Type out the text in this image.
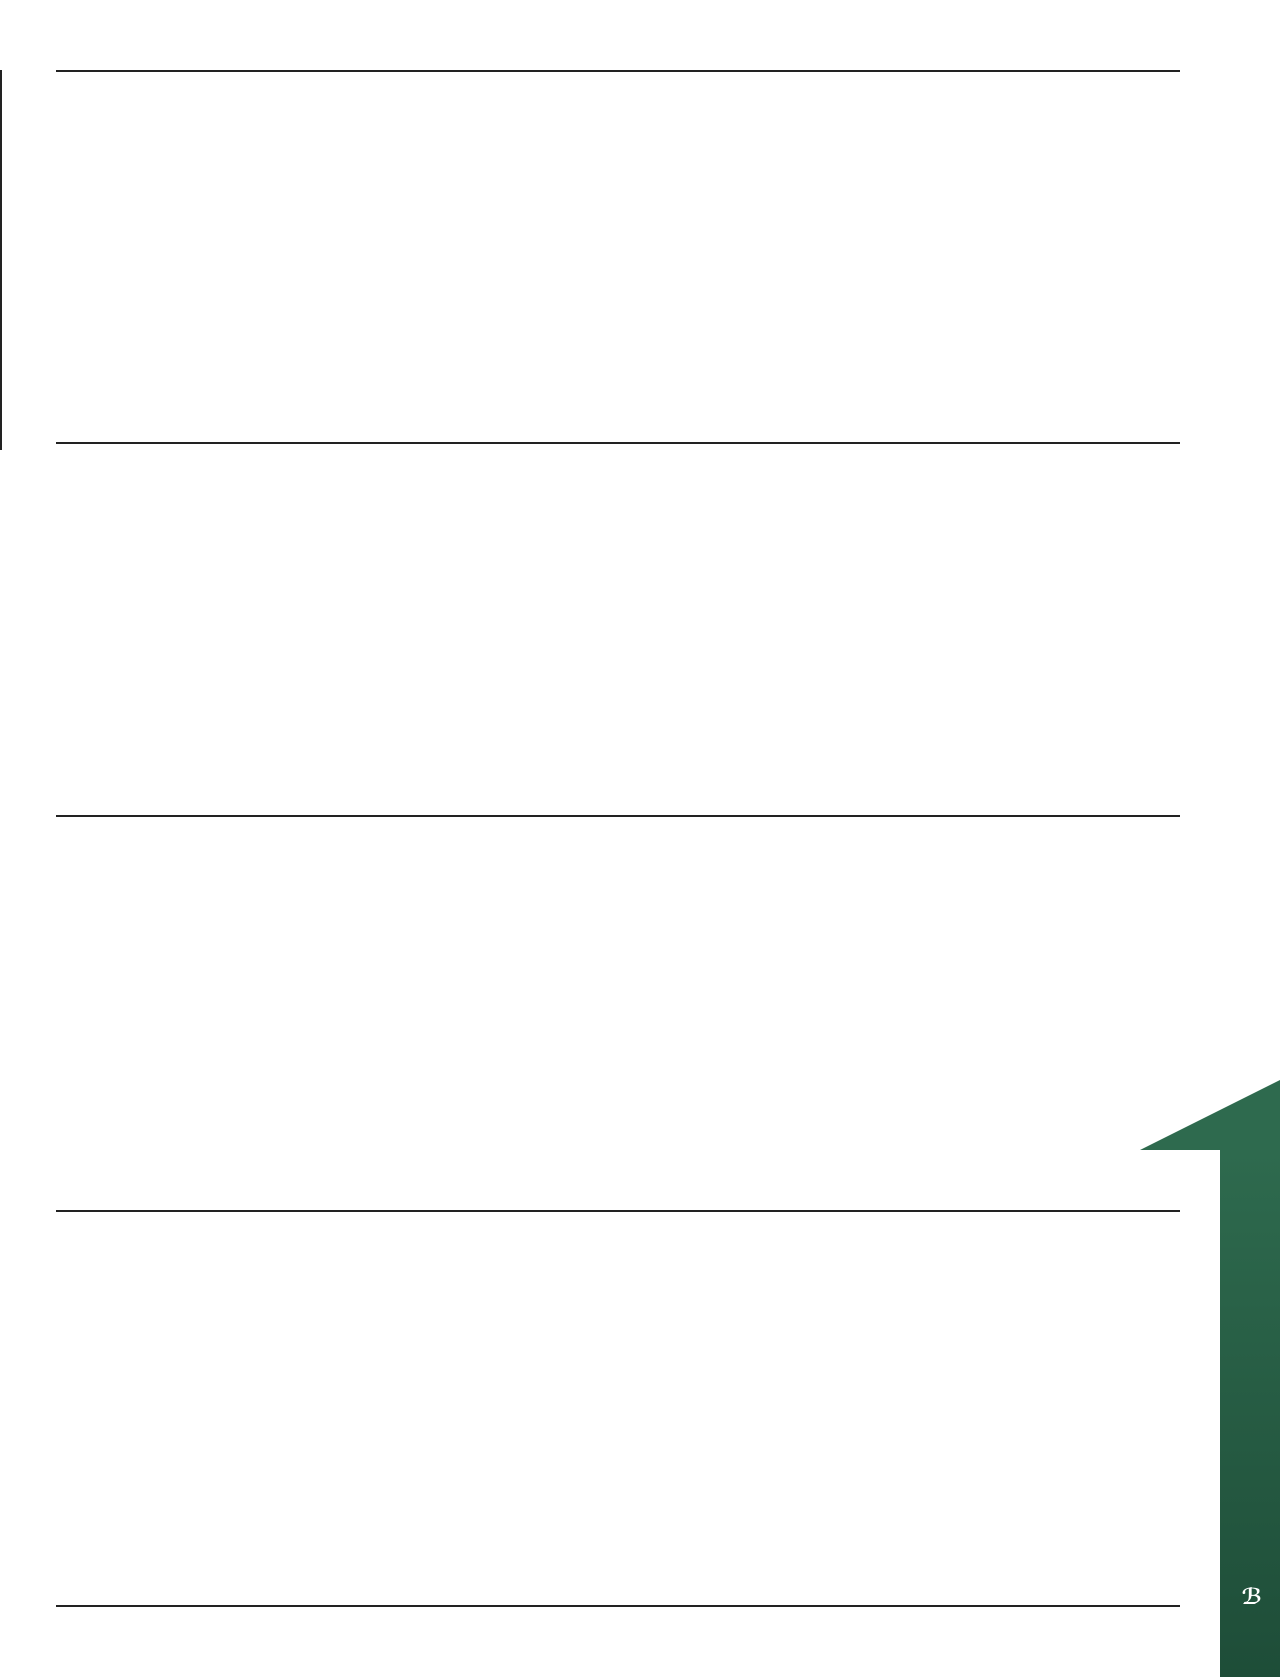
ℬ
